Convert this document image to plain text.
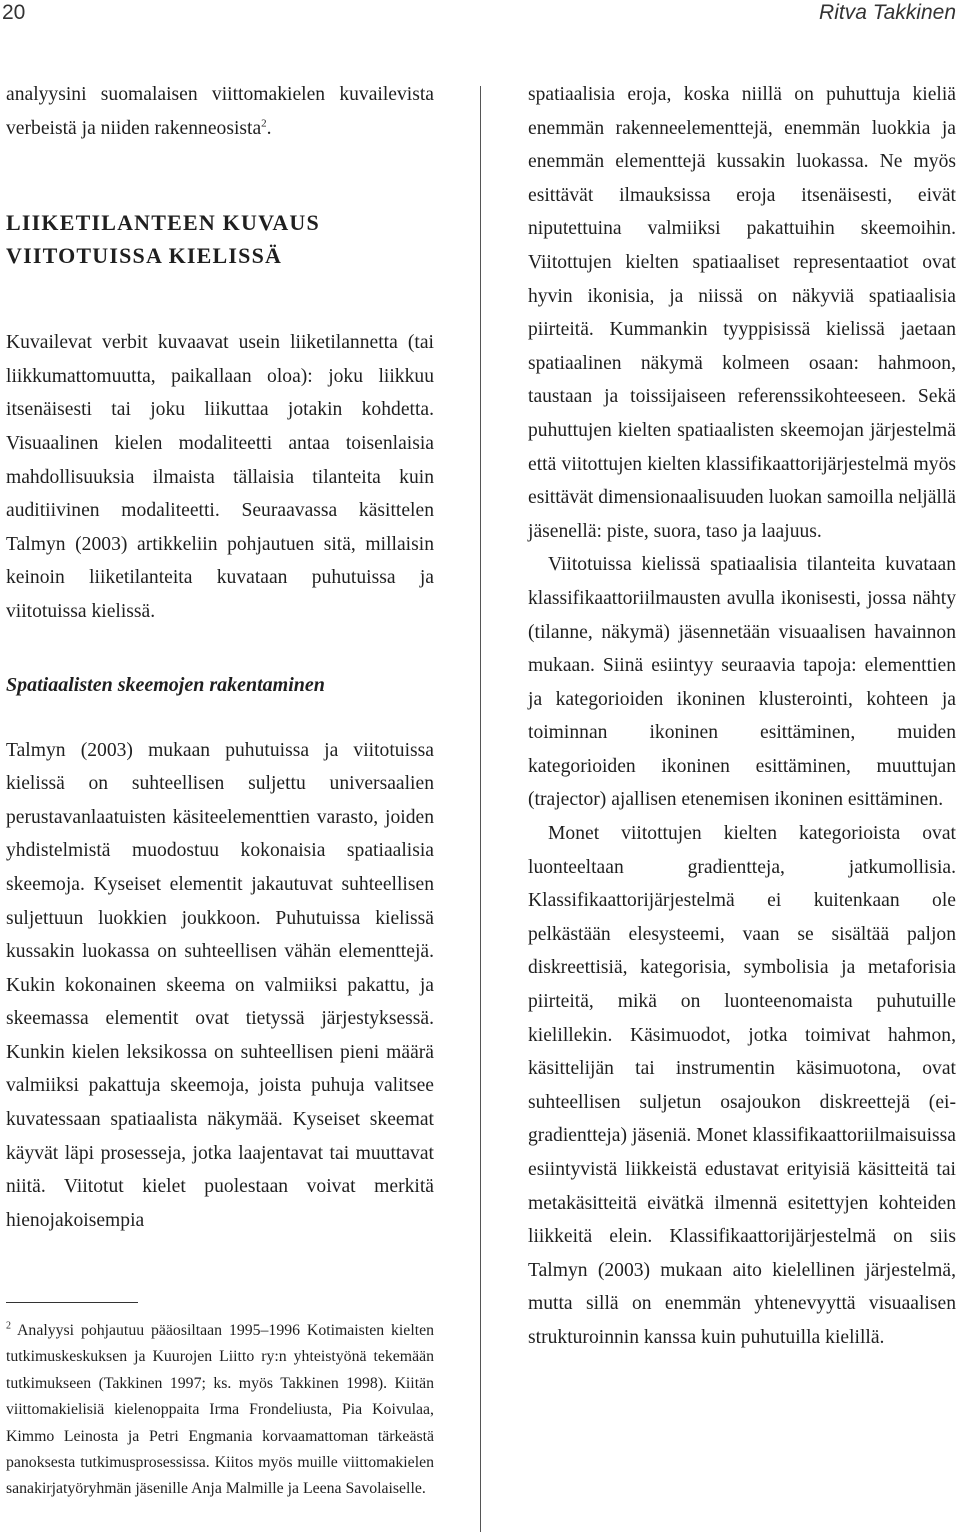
20	Ritva Takkinen

analyysini suomalaisen viittomakielen kuvailevista verbeistä ja niiden rakenneosista$^2$.

LIIKETILANTEEN KUVAUS
VIITOTUISSA KIELISSÄ

Kuvailevat verbit kuvaavat usein liiketilannetta (tai liikkumattomuutta, paikallaan oloa): joku liikkuu itsenäisesti tai joku liikuttaa jotakin kohdetta. Visuaalinen kielen modaliteetti antaa toisenlaisia mahdollisuuksia ilmaista tällaisia tilanteita kuin auditiivinen modaliteetti. Seuraavassa käsittelen Talmyn (2003) artikkeliin pohjautuen sitä, millaisin keinoin liiketilanteita kuvataan puhutuissa ja viitotuissa kielissä.

Spatiaalisten skeemojen rakentaminen

Talmyn (2003) mukaan puhutuissa ja viitotuissa kielissä on suhteellisen suljettu universaalien perustavanlaatuisten käsiteelementtien varasto, joiden yhdistelmistä muodostuu kokonaisia spatiaalisia skeemoja. Kyseiset elementit jakautuvat suhteellisen suljettuun luokkien joukkoon. Puhutuissa kielissä kussakin luokassa on suhteellisen vähän elementtejä. Kukin kokonainen skeema on valmiiksi pakattu, ja skeemassa elementit ovat tietyssä järjestyksessä. Kunkin kielen leksikossa on suhteellisen pieni määrä valmiiksi pakattuja skeemoja, joista puhuja valitsee kuvatessaan spatiaalista näkymää. Kyseiset skeemat käyvät läpi prosesseja, jotka laajentavat tai muuttavat niitä. Viitotut kielet puolestaan voivat merkitä hienojakoisempia

spatiaalisia eroja, koska niillä on puhuttuja kieliä enemmän rakenneelementtejä, enemmän luokkia ja enemmän elementtejä kussakin luokassa. Ne myös esittävät ilmauksissa eroja itsenäisesti, eivät niputettuina valmiiksi pakattuihin skeemoihin. Viitottujen kielten spatiaaliset representaatiot ovat hyvin ikonisia, ja niissä on näkyviä spatiaalisia piirteitä. Kummankin tyyppisissä kielissä jaetaan spatiaalinen näkymä kolmeen osaan: hahmoon, taustaan ja toissijaiseen referenssikohteeseen. Sekä puhuttujen kielten spatiaalisten skeemojan järjestelmä että viitottujen kielten klassifikaattorijärjestelmä myös esittävät dimensionaalisuuden luokan samoilla neljällä jäsenellä: piste, suora, taso ja laajuus.

Viitotuissa kielissä spatiaalisia tilanteita kuvataan klassifikaattoriilmausten avulla ikonisesti, jossa nähty (tilanne, näkymä) jäsennetään visuaalisen havainnon mukaan. Siinä esiintyy seuraavia tapoja: elementtien ja kategorioiden ikoninen klusterointi, kohteen ja toiminnan ikoninen esittäminen, muiden kategorioiden ikoninen esittäminen, muuttujan (trajector) ajallisen etenemisen ikoninen esittäminen.

Monet viitottujen kielten kategorioista ovat luonteeltaan gradientteja, jatkumollisia. Klassifikaattorijärjestelmä ei kuitenkaan ole pelkästään elesysteemi, vaan se sisältää paljon diskreettisiä, kategorisia, symbolisia ja metaforisia piirteitä, mikä on luonteenomaista puhutuille kielillekin. Käsimuodot, jotka toimivat hahmon, käsittelijän tai instrumentin käsimuotona, ovat suhteellisen suljetun osajoukon diskreettejä (eigradientteja) jäseniä. Monet klassifikaattoriilmaisuissa esiintyvistä liikkeistä edustavat erityisiä käsitteitä tai metakäsitteitä eivätkä ilmennä esitettyjen kohteiden liikkeitä elein. Klassifikaattorijärjestelmä on siis Talmyn (2003) mukaan aito kielellinen järjestelmä, mutta sillä on enemmän yhtenevyyttä visuaalisen strukturoinnin kanssa kuin puhutuilla kielillä.

$^2$ Analyysi pohjautuu pääosiltaan 1995–1996 Kotimaisten kielten tutkimuskeskuksen ja Kuurojen Liitto ry:n yhteistyönä tekemään tutkimukseen (Takkinen 1997; ks. myös Takkinen 1998). Kiitän viittomakielisiä kielenoppaita Irma Frondeliusta, Pia Koivulaa, Kimmo Leinosta ja Petri Engmania korvaamattoman tärkeästä panoksesta tutkimusprosessissa. Kiitos myös muille viittomakielen sanakirjatyöryhmän jäsenille Anja Malmille ja Leena Savolaiselle.
